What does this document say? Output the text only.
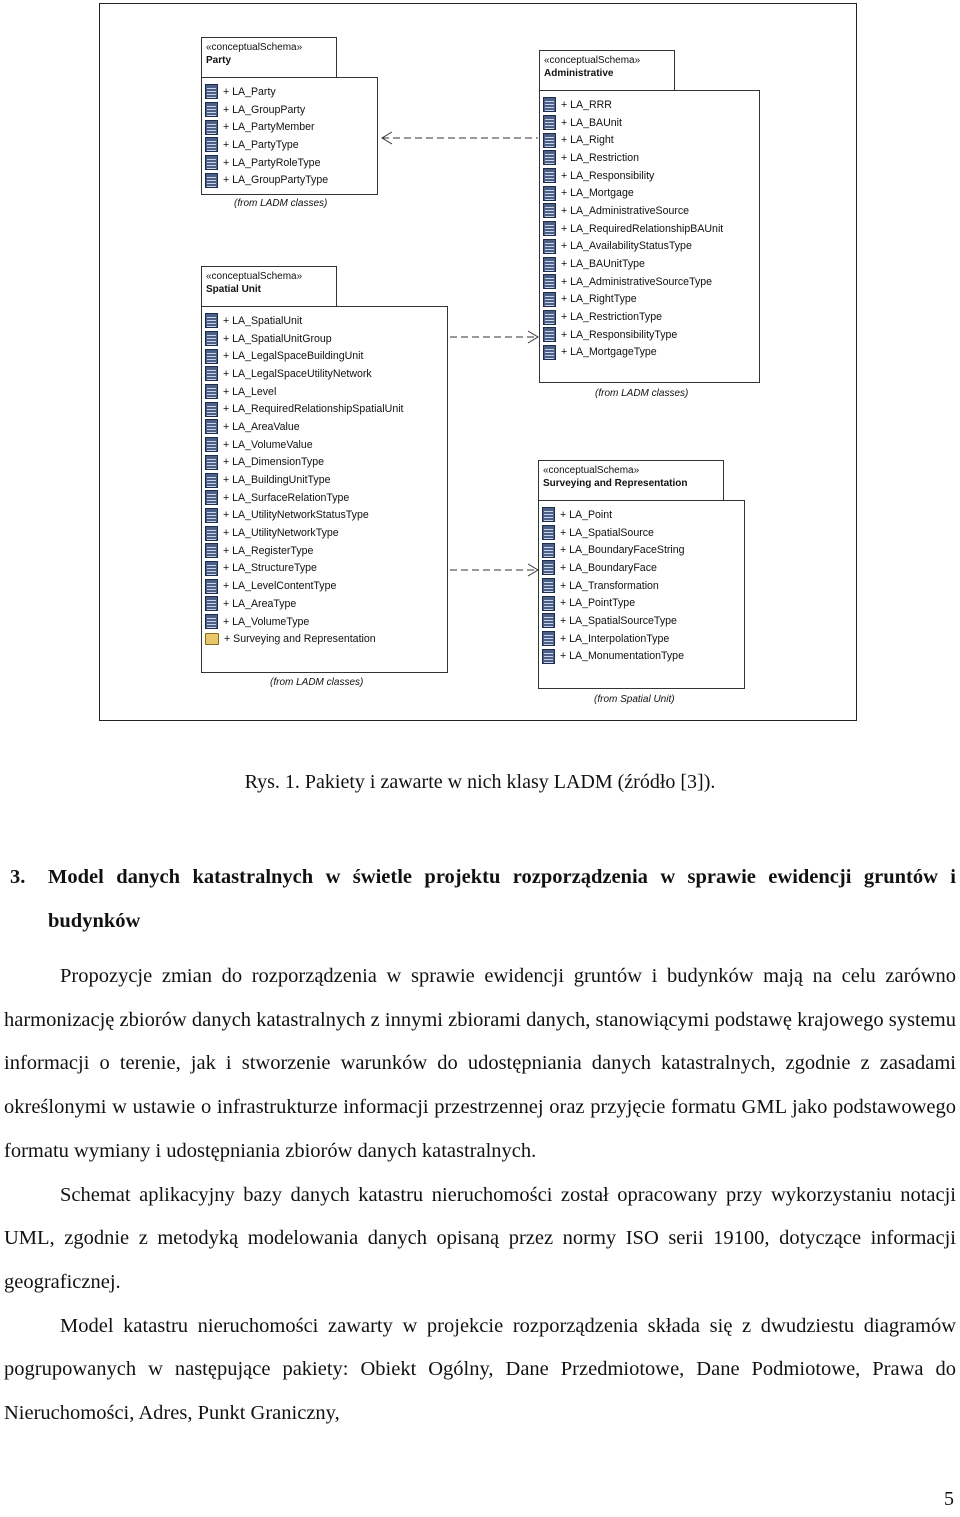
«conceptualSchema»
Party
+ LA_Party
+ LA_GroupParty
+ LA_PartyMember
+ LA_PartyType
+ LA_PartyRoleType
+ LA_GroupPartyType
(from LADM classes)
«conceptualSchema»
Administrative
+ LA_RRR
+ LA_BAUnit
+ LA_Right
+ LA_Restriction
+ LA_Responsibility
+ LA_Mortgage
+ LA_AdministrativeSource
+ LA_RequiredRelationshipBAUnit
+ LA_AvailabilityStatusType
+ LA_BAUnitType
+ LA_AdministrativeSourceType
+ LA_RightType
+ LA_RestrictionType
+ LA_ResponsibilityType
+ LA_MortgageType
(from LADM classes)
«conceptualSchema»
Spatial Unit
+ LA_SpatialUnit
+ LA_SpatialUnitGroup
+ LA_LegalSpaceBuildingUnit
+ LA_LegalSpaceUtilityNetwork
+ LA_Level
+ LA_RequiredRelationshipSpatialUnit
+ LA_AreaValue
+ LA_VolumeValue
+ LA_DimensionType
+ LA_BuildingUnitType
+ LA_SurfaceRelationType
+ LA_UtilityNetworkStatusType
+ LA_UtilityNetworkType
+ LA_RegisterType
+ LA_StructureType
+ LA_LevelContentType
+ LA_AreaType
+ LA_VolumeType
+ Surveying and Representation
(from LADM classes)
«conceptualSchema»
Surveying and Representation
+ LA_Point
+ LA_SpatialSource
+ LA_BoundaryFaceString
+ LA_BoundaryFace
+ LA_Transformation
+ LA_PointType
+ LA_SpatialSourceType
+ LA_InterpolationType
+ LA_MonumentationType
(from Spatial Unit)
Rys. 1. Pakiety i zawarte w nich klasy LADM (źródło [3]).
3. Model danych katastralnych w świetle projektu rozporządzenia w sprawie ewidencji gruntów i budynków

Propozycje zmian do rozporządzenia w sprawie ewidencji gruntów i budynków mają na celu zarówno harmonizację zbiorów danych katastralnych z innymi zbiorami danych, stanowiącymi podstawę krajowego systemu informacji o terenie, jak i stworzenie warunków do udostępniania danych katastralnych, zgodnie z zasadami określonymi w ustawie o infrastrukturze informacji przestrzennej oraz przyjęcie formatu GML jako podstawowego formatu wymiany i udostępniania zbiorów danych katastralnych.

Schemat aplikacyjny bazy danych katastru nieruchomości został opracowany przy wykorzystaniu notacji UML, zgodnie z metodyką modelowania danych opisaną przez normy ISO serii 19100, dotyczące informacji geograficznej.

Model katastru nieruchomości zawarty w projekcie rozporządzenia składa się z dwudziestu diagramów pogrupowanych w następujące pakiety: Obiekt Ogólny, Dane Przedmiotowe, Dane Podmiotowe, Prawa do Nieruchomości, Adres, Punkt Graniczny,

5
